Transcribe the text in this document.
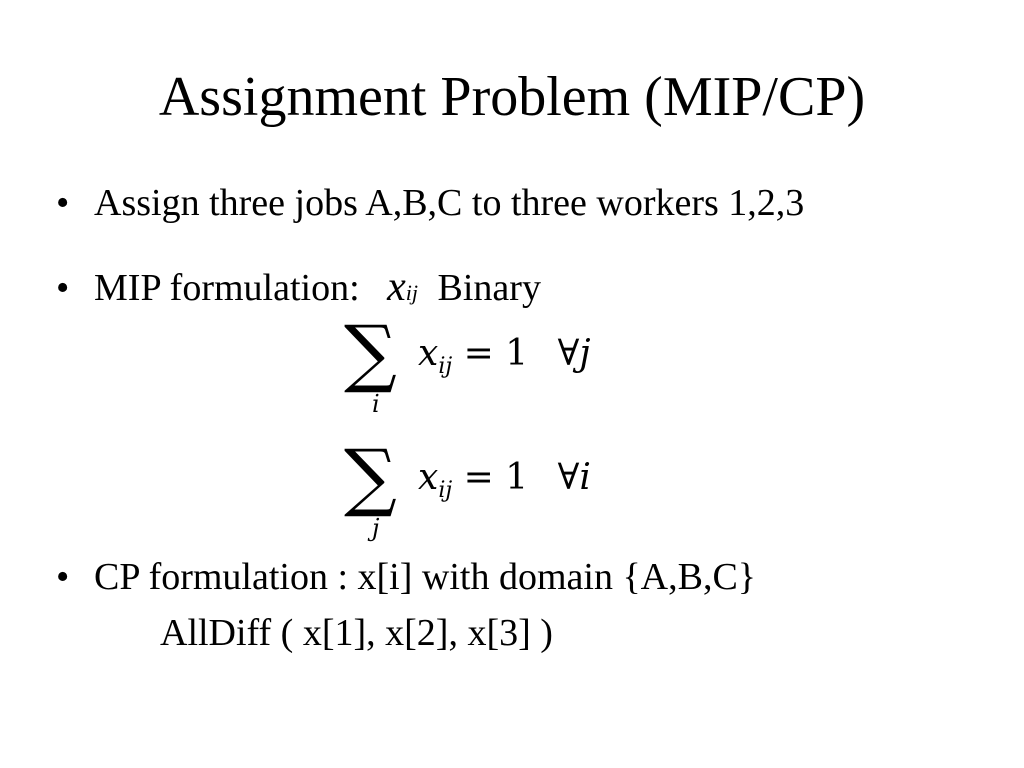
Assignment Problem (MIP/CP)
• Assign three jobs A,B,C to three workers 1,2,3
• MIP formulation: xij Binary
∑
i
$x_{ij} = 1$ ∀j
∑
j
$x_{ij} = 1$ ∀i
• CP formulation : x[i] with domain {A,B,C}
AllDiff ( x[1], x[2], x[3] )
